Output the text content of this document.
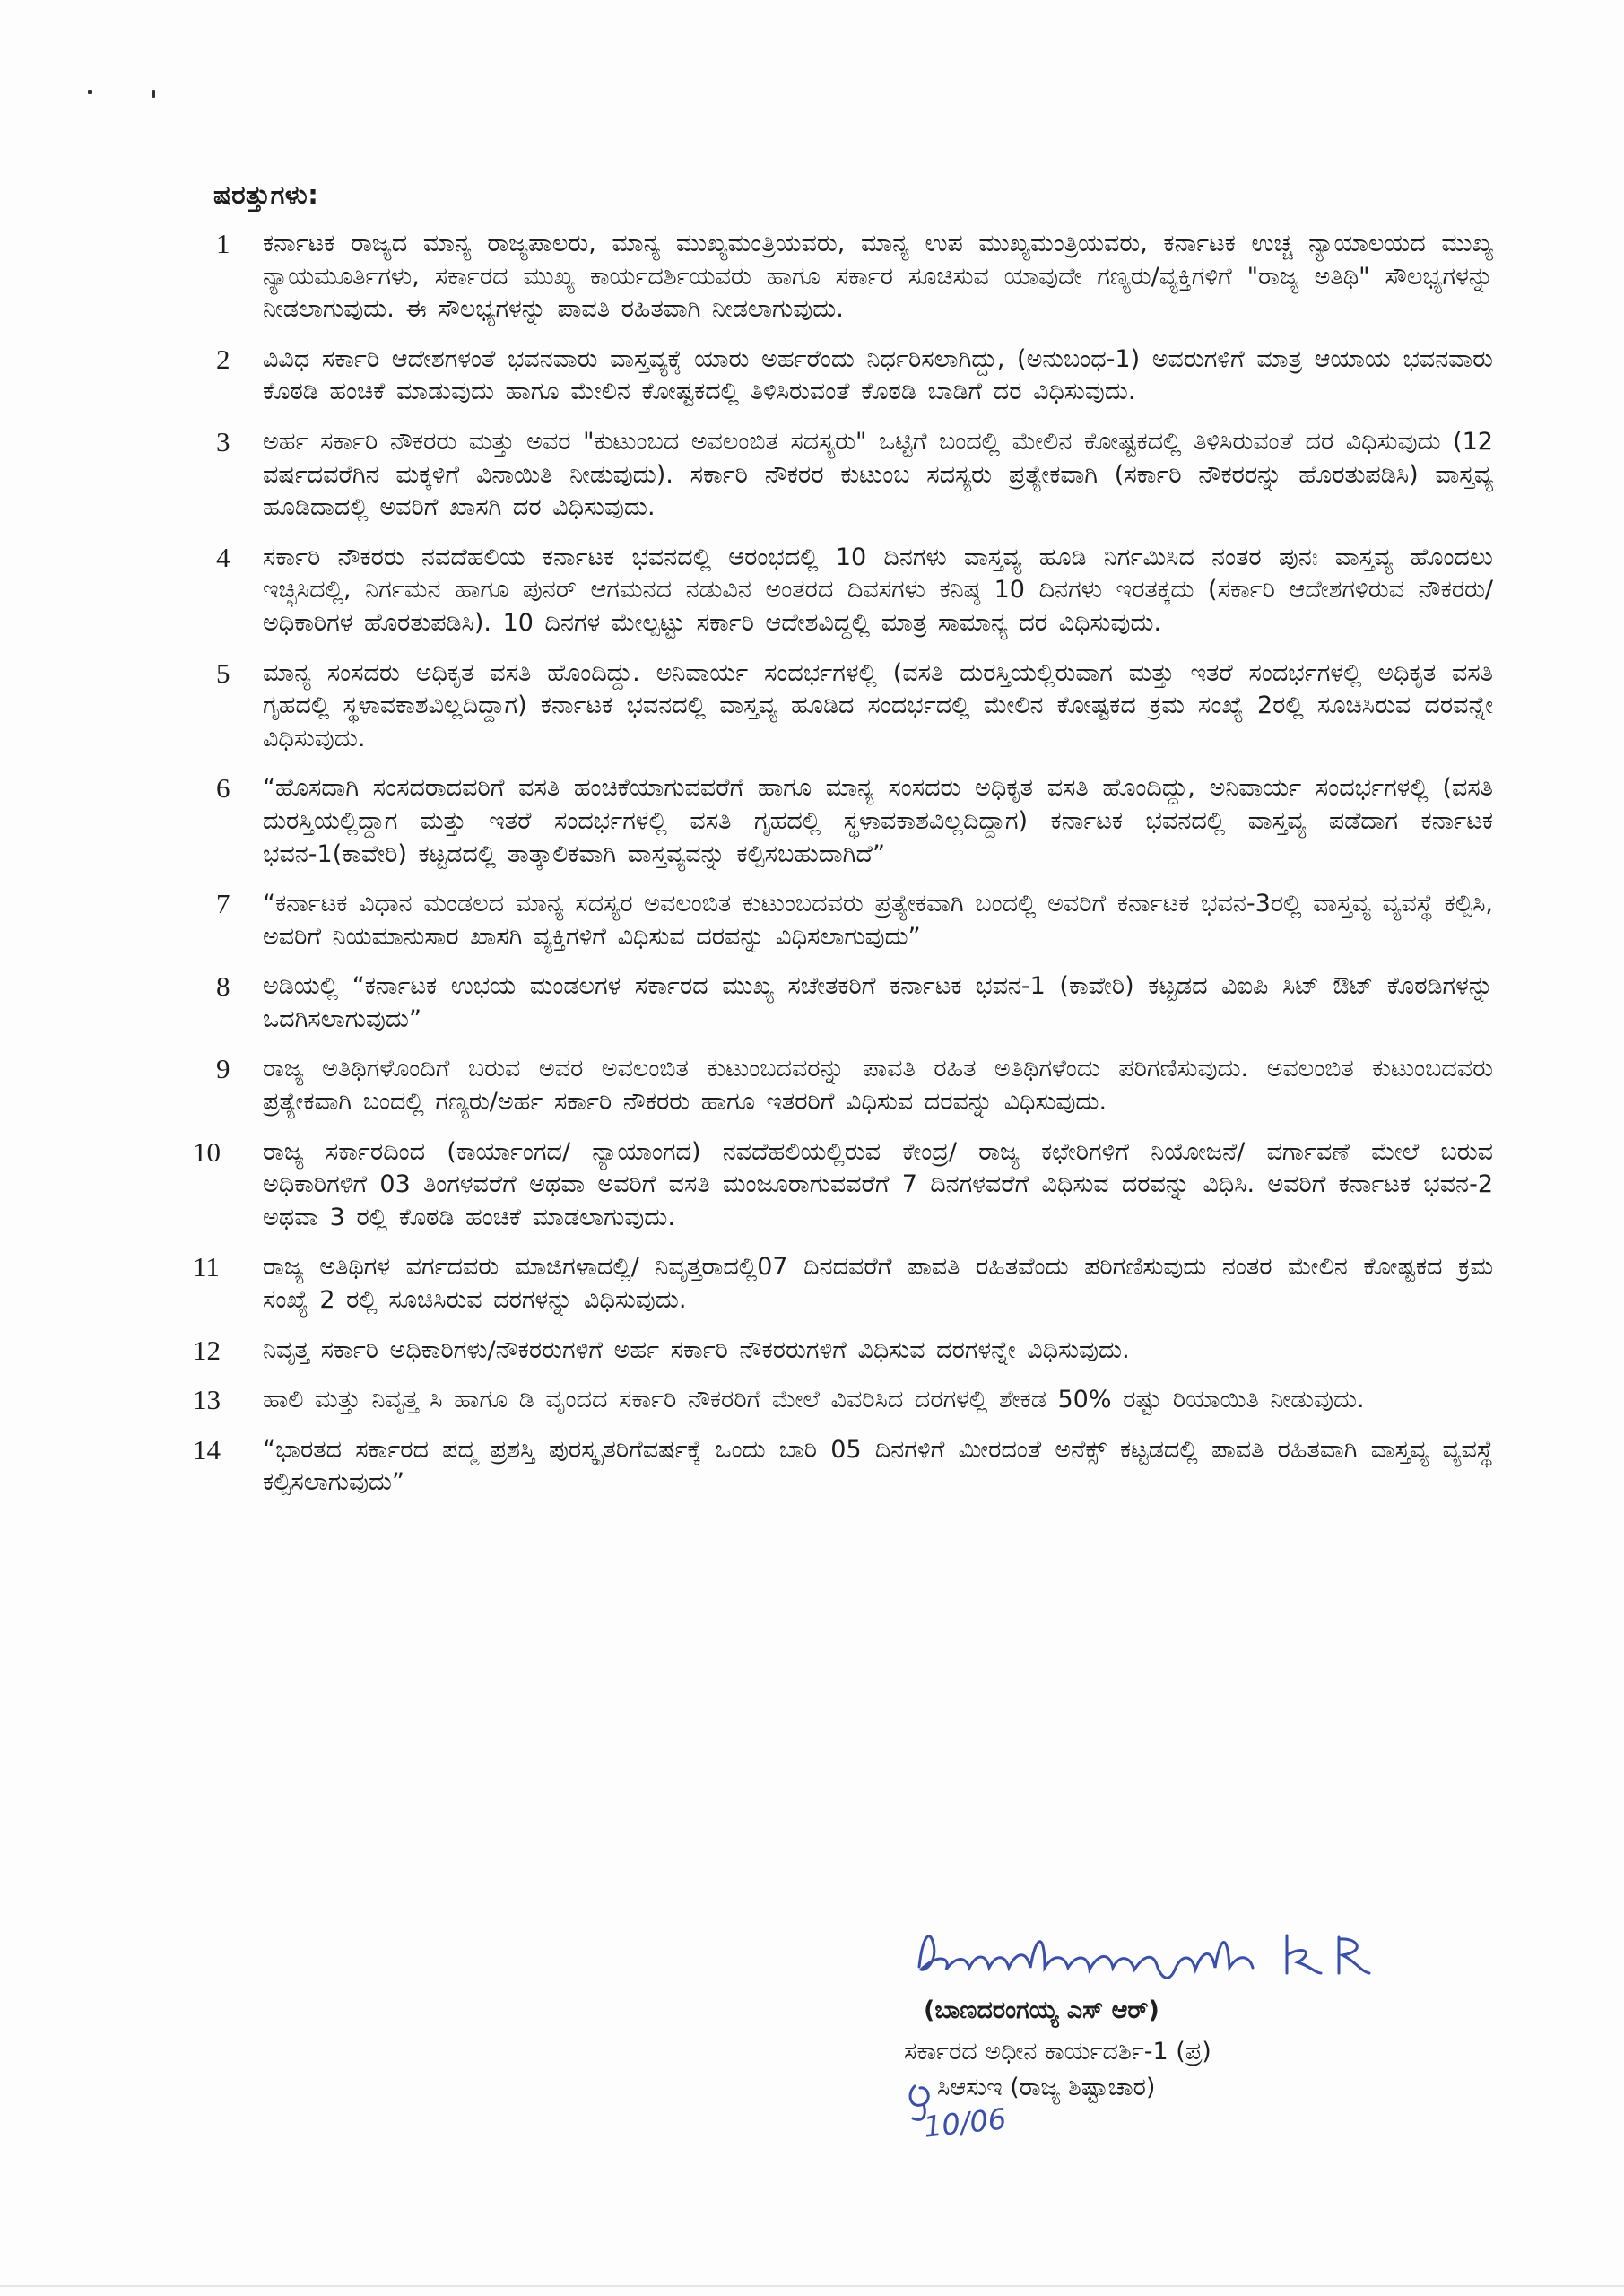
ಷರತ್ತುಗಳು:
1	ಕರ್ನಾಟಕ ರಾಜ್ಯದ ಮಾನ್ಯ ರಾಜ್ಯಪಾಲರು, ಮಾನ್ಯ ಮುಖ್ಯಮಂತ್ರಿಯವರು, ಮಾನ್ಯ ಉಪ ಮುಖ್ಯಮಂತ್ರಿಯವರು, ಕರ್ನಾಟಕ ಉಚ್ಚ ನ್ಯಾಯಾಲಯದ ಮುಖ್ಯ ನ್ಯಾಯಮೂರ್ತಿಗಳು, ಸರ್ಕಾರದ ಮುಖ್ಯ ಕಾರ್ಯದರ್ಶಿಯವರು ಹಾಗೂ ಸರ್ಕಾರ ಸೂಚಿಸುವ ಯಾವುದೇ ಗಣ್ಯರು/ವ್ಯಕ್ತಿಗಳಿಗೆ "ರಾಜ್ಯ ಅತಿಥಿ" ಸೌಲಭ್ಯಗಳನ್ನು ನೀಡಲಾಗುವುದು. ಈ ಸೌಲಭ್ಯಗಳನ್ನು ಪಾವತಿ ರಹಿತವಾಗಿ ನೀಡಲಾಗುವುದು.
2	ವಿವಿಧ ಸರ್ಕಾರಿ ಆದೇಶಗಳಂತೆ ಭವನವಾರು ವಾಸ್ತವ್ಯಕ್ಕೆ ಯಾರು ಅರ್ಹರೆಂದು ನಿರ್ಧರಿಸಲಾಗಿದ್ದು, (ಅನುಬಂಧ-1) ಅವರುಗಳಿಗೆ ಮಾತ್ರ ಆಯಾಯ ಭವನವಾರು ಕೊಠಡಿ ಹಂಚಿಕೆ ಮಾಡುವುದು ಹಾಗೂ ಮೇಲಿನ ಕೋಷ್ಟಕದಲ್ಲಿ ತಿಳಿಸಿರುವಂತೆ ಕೊಠಡಿ ಬಾಡಿಗೆ ದರ ವಿಧಿಸುವುದು.
3	ಅರ್ಹ ಸರ್ಕಾರಿ ನೌಕರರು ಮತ್ತು ಅವರ "ಕುಟುಂಬದ ಅವಲಂಬಿತ ಸದಸ್ಯರು" ಒಟ್ಟಿಗೆ ಬಂದಲ್ಲಿ ಮೇಲಿನ ಕೋಷ್ಟಕದಲ್ಲಿ ತಿಳಿಸಿರುವಂತೆ ದರ ವಿಧಿಸುವುದು (12 ವರ್ಷದವರೆಗಿನ ಮಕ್ಕಳಿಗೆ ವಿನಾಯಿತಿ ನೀಡುವುದು). ಸರ್ಕಾರಿ ನೌಕರರ ಕುಟುಂಬ ಸದಸ್ಯರು ಪ್ರತ್ಯೇಕವಾಗಿ (ಸರ್ಕಾರಿ ನೌಕರರನ್ನು ಹೊರತುಪಡಿಸಿ) ವಾಸ್ತವ್ಯ ಹೂಡಿದಾದಲ್ಲಿ ಅವರಿಗೆ ಖಾಸಗಿ ದರ ವಿಧಿಸುವುದು.
4	ಸರ್ಕಾರಿ ನೌಕರರು ನವದೆಹಲಿಯ ಕರ್ನಾಟಕ ಭವನದಲ್ಲಿ ಆರಂಭದಲ್ಲಿ 10 ದಿನಗಳು ವಾಸ್ತವ್ಯ ಹೂಡಿ ನಿರ್ಗಮಿಸಿದ ನಂತರ ಪುನಃ ವಾಸ್ತವ್ಯ ಹೊಂದಲು ಇಚ್ಛಿಸಿದಲ್ಲಿ, ನಿರ್ಗಮನ ಹಾಗೂ ಪುನರ್ ಆಗಮನದ ನಡುವಿನ ಅಂತರದ ದಿವಸಗಳು ಕನಿಷ್ಠ 10 ದಿನಗಳು ಇರತಕ್ಕದು (ಸರ್ಕಾರಿ ಆದೇಶಗಳಿರುವ ನೌಕರರು/ಅಧಿಕಾರಿಗಳ ಹೊರತುಪಡಿಸಿ). 10 ದಿನಗಳ ಮೇಲ್ಪಟ್ಟು ಸರ್ಕಾರಿ ಆದೇಶವಿದ್ದಲ್ಲಿ ಮಾತ್ರ ಸಾಮಾನ್ಯ ದರ ವಿಧಿಸುವುದು.
5	ಮಾನ್ಯ ಸಂಸದರು ಅಧಿಕೃತ ವಸತಿ ಹೊಂದಿದ್ದು. ಅನಿವಾರ್ಯ ಸಂದರ್ಭಗಳಲ್ಲಿ (ವಸತಿ ದುರಸ್ತಿಯಲ್ಲಿರುವಾಗ ಮತ್ತು ಇತರೆ ಸಂದರ್ಭಗಳಲ್ಲಿ ಅಧಿಕೃತ ವಸತಿ ಗೃಹದಲ್ಲಿ ಸ್ಥಳಾವಕಾಶವಿಲ್ಲದಿದ್ದಾಗ) ಕರ್ನಾಟಕ ಭವನದಲ್ಲಿ ವಾಸ್ತವ್ಯ ಹೂಡಿದ ಸಂದರ್ಭದಲ್ಲಿ ಮೇಲಿನ ಕೋಷ್ಟಕದ ಕ್ರಮ ಸಂಖ್ಯೆ 2ರಲ್ಲಿ ಸೂಚಿಸಿರುವ ದರವನ್ನೇ ವಿಧಿಸುವುದು.
6	“ಹೊಸದಾಗಿ ಸಂಸದರಾದವರಿಗೆ ವಸತಿ ಹಂಚಿಕೆಯಾಗುವವರೆಗೆ ಹಾಗೂ ಮಾನ್ಯ ಸಂಸದರು ಅಧಿಕೃತ ವಸತಿ ಹೊಂದಿದ್ದು, ಅನಿವಾರ್ಯ ಸಂದರ್ಭಗಳಲ್ಲಿ (ವಸತಿ ದುರಸ್ತಿಯಲ್ಲಿದ್ದಾಗ ಮತ್ತು ಇತರೆ ಸಂದರ್ಭಗಳಲ್ಲಿ ವಸತಿ ಗೃಹದಲ್ಲಿ ಸ್ಥಳಾವಕಾಶವಿಲ್ಲದಿದ್ದಾಗ) ಕರ್ನಾಟಕ ಭವನದಲ್ಲಿ ವಾಸ್ತವ್ಯ ಪಡೆದಾಗ ಕರ್ನಾಟಕ ಭವನ-1(ಕಾವೇರಿ) ಕಟ್ಟಡದಲ್ಲಿ ತಾತ್ಕಾಲಿಕವಾಗಿ ವಾಸ್ತವ್ಯವನ್ನು ಕಲ್ಪಿಸಬಹುದಾಗಿದೆ”
7	“ಕರ್ನಾಟಕ ವಿಧಾನ ಮಂಡಲದ ಮಾನ್ಯ ಸದಸ್ಯರ ಅವಲಂಬಿತ ಕುಟುಂಬದವರು ಪ್ರತ್ಯೇಕವಾಗಿ ಬಂದಲ್ಲಿ ಅವರಿಗೆ ಕರ್ನಾಟಕ ಭವನ-3ರಲ್ಲಿ ವಾಸ್ತವ್ಯ ವ್ಯವಸ್ಥೆ ಕಲ್ಪಿಸಿ, ಅವರಿಗೆ ನಿಯಮಾನುಸಾರ ಖಾಸಗಿ ವ್ಯಕ್ತಿಗಳಿಗೆ ವಿಧಿಸುವ ದರವನ್ನು ವಿಧಿಸಲಾಗುವುದು”
8	ಅಡಿಯಲ್ಲಿ “ಕರ್ನಾಟಕ ಉಭಯ ಮಂಡಲಗಳ ಸರ್ಕಾರದ ಮುಖ್ಯ ಸಚೇತಕರಿಗೆ ಕರ್ನಾಟಕ ಭವನ-1 (ಕಾವೇರಿ) ಕಟ್ಟಡದ ವಿಐಪಿ ಸಿಟ್ ಔಟ್ ಕೊಠಡಿಗಳನ್ನು ಒದಗಿಸಲಾಗುವುದು”
9	ರಾಜ್ಯ ಅತಿಥಿಗಳೊಂದಿಗೆ ಬರುವ ಅವರ ಅವಲಂಬಿತ ಕುಟುಂಬದವರನ್ನು ಪಾವತಿ ರಹಿತ ಅತಿಥಿಗಳೆಂದು ಪರಿಗಣಿಸುವುದು. ಅವಲಂಬಿತ ಕುಟುಂಬದವರು ಪ್ರತ್ಯೇಕವಾಗಿ ಬಂದಲ್ಲಿ ಗಣ್ಯರು/ಅರ್ಹ ಸರ್ಕಾರಿ ನೌಕರರು ಹಾಗೂ ಇತರರಿಗೆ ವಿಧಿಸುವ ದರವನ್ನು ವಿಧಿಸುವುದು.
10	ರಾಜ್ಯ ಸರ್ಕಾರದಿಂದ (ಕಾರ್ಯಾಂಗದ/ ನ್ಯಾಯಾಂಗದ) ನವದೆಹಲಿಯಲ್ಲಿರುವ ಕೇಂದ್ರ/ ರಾಜ್ಯ ಕಛೇರಿಗಳಿಗೆ ನಿಯೋಜನೆ/ ವರ್ಗಾವಣೆ ಮೇಲೆ ಬರುವ ಅಧಿಕಾರಿಗಳಿಗೆ 03 ತಿಂಗಳವರೆಗೆ ಅಥವಾ ಅವರಿಗೆ ವಸತಿ ಮಂಜೂರಾಗುವವರೆಗೆ 7 ದಿನಗಳವರೆಗೆ ವಿಧಿಸುವ ದರವನ್ನು ವಿಧಿಸಿ. ಅವರಿಗೆ ಕರ್ನಾಟಕ ಭವನ-2 ಅಥವಾ 3 ರಲ್ಲಿ ಕೊಠಡಿ ಹಂಚಿಕೆ ಮಾಡಲಾಗುವುದು.
11	ರಾಜ್ಯ ಅತಿಥಿಗಳ ವರ್ಗದವರು ಮಾಜಿಗಳಾದಲ್ಲಿ/ ನಿವೃತ್ತರಾದಲ್ಲಿ07 ದಿನದವರೆಗೆ ಪಾವತಿ ರಹಿತವೆಂದು ಪರಿಗಣಿಸುವುದು ನಂತರ ಮೇಲಿನ ಕೋಷ್ಟಕದ ಕ್ರಮ ಸಂಖ್ಯೆ 2 ರಲ್ಲಿ ಸೂಚಿಸಿರುವ ದರಗಳನ್ನು ವಿಧಿಸುವುದು.
12	ನಿವೃತ್ತ ಸರ್ಕಾರಿ ಅಧಿಕಾರಿಗಳು/ನೌಕರರುಗಳಿಗೆ ಅರ್ಹ ಸರ್ಕಾರಿ ನೌಕರರುಗಳಿಗೆ ವಿಧಿಸುವ ದರಗಳನ್ನೇ ವಿಧಿಸುವುದು.
13	ಹಾಲಿ ಮತ್ತು ನಿವೃತ್ತ ಸಿ ಹಾಗೂ ಡಿ ವೃಂದದ ಸರ್ಕಾರಿ ನೌಕರರಿಗೆ ಮೇಲೆ ವಿವರಿಸಿದ ದರಗಳಲ್ಲಿ ಶೇಕಡ 50% ರಷ್ಟು ರಿಯಾಯಿತಿ ನೀಡುವುದು.
14	“ಭಾರತದ ಸರ್ಕಾರದ ಪದ್ಮ ಪ್ರಶಸ್ತಿ ಪುರಸ್ಕೃತರಿಗೆವರ್ಷಕ್ಕೆ ಒಂದು ಬಾರಿ 05 ದಿನಗಳಿಗೆ ಮೀರದಂತೆ ಅನೆಕ್ಸ್ ಕಟ್ಟಡದಲ್ಲಿ ಪಾವತಿ ರಹಿತವಾಗಿ ವಾಸ್ತವ್ಯ ವ್ಯವಸ್ಥೆ ಕಲ್ಪಿಸಲಾಗುವುದು”
Banadarangaiah SR
(ಬಾಣದರಂಗಯ್ಯ ಎಸ್ ಆರ್)
ಸರ್ಕಾರದ ಅಧೀನ ಕಾರ್ಯದರ್ಶಿ-1 (ಪ್ರ)
ಸಿಆಸುಇ (ರಾಜ್ಯ ಶಿಷ್ಟಾಚಾರ)
10/06
